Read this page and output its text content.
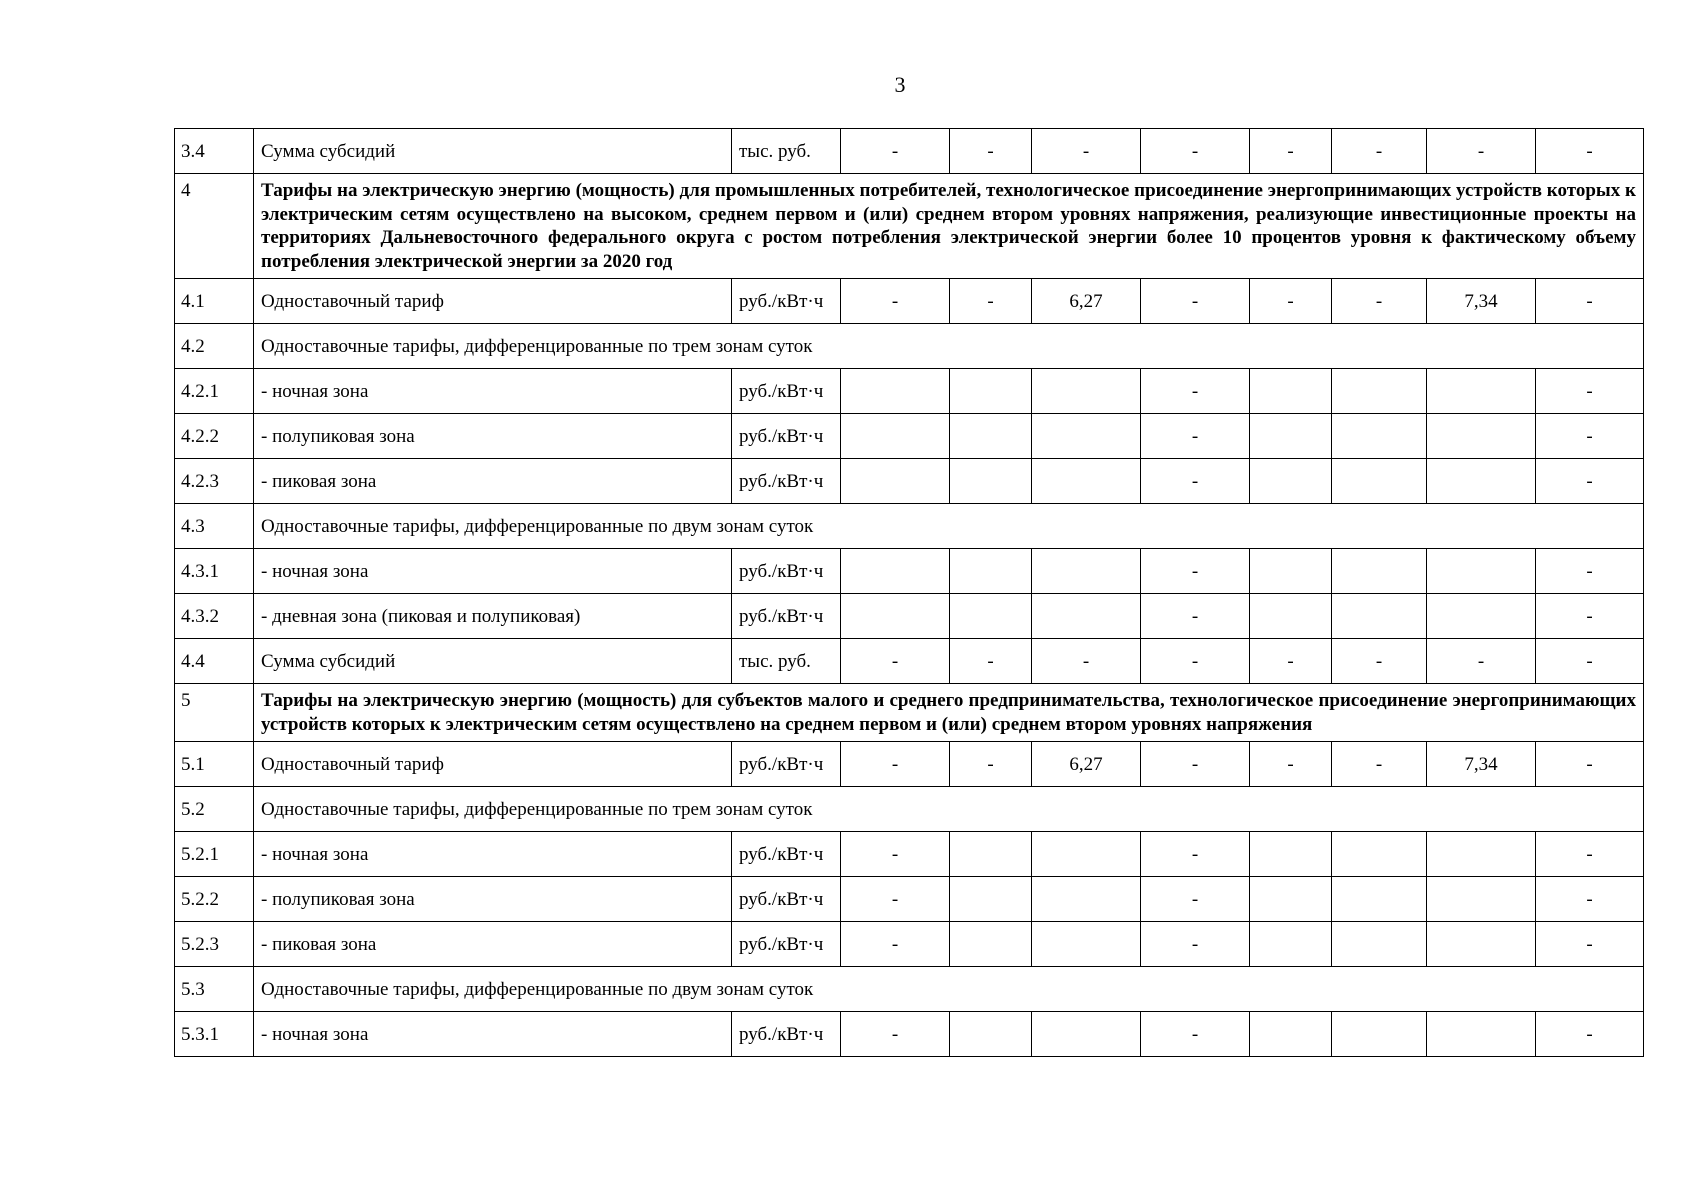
3
3.4	Сумма субсидий	тыс. руб.	-	-	-	-	-	-	-	-
4	Тарифы на электрическую энергию (мощность) для промышленных потребителей, технологическое присоединение энергопринимающих устройств которых к электрическим сетям осуществлено на высоком, среднем первом и (или) среднем втором уровнях напряжения, реализующие инвестиционные проекты на территориях Дальневосточного федерального округа с ростом потребления электрической энергии более 10 процентов уровня к фактическому объему потребления электрической энергии за 2020 год									
4.1	Одноставочный тариф	руб./кВт·ч	-	-	6,27	-	-	-	7,34	-
4.2	Одноставочные тарифы, дифференцированные по трем зонам суток									
4.2.1	- ночная зона	руб./кВт·ч				-				-
4.2.2	- полупиковая зона	руб./кВт·ч				-				-
4.2.3	- пиковая зона	руб./кВт·ч				-				-
4.3	Одноставочные тарифы, дифференцированные по двум зонам суток									
4.3.1	- ночная зона	руб./кВт·ч				-				-
4.3.2	- дневная зона (пиковая и полупиковая)	руб./кВт·ч				-				-
4.4	Сумма субсидий	тыс. руб.	-	-	-	-	-	-	-	-
5	Тарифы на электрическую энергию (мощность) для субъектов малого и среднего предпринимательства, технологическое присоединение энергопринимающих устройств которых к электрическим сетям осуществлено на среднем первом и (или) среднем втором уровнях напряжения									
5.1	Одноставочный тариф	руб./кВт·ч	-	-	6,27	-	-	-	7,34	-
5.2	Одноставочные тарифы, дифференцированные по трем зонам суток									
5.2.1	- ночная зона	руб./кВт·ч	-			-				-
5.2.2	- полупиковая зона	руб./кВт·ч	-			-				-
5.2.3	- пиковая зона	руб./кВт·ч	-			-				-
5.3	Одноставочные тарифы, дифференцированные по двум зонам суток									
5.3.1	- ночная зона	руб./кВт·ч	-			-				-
